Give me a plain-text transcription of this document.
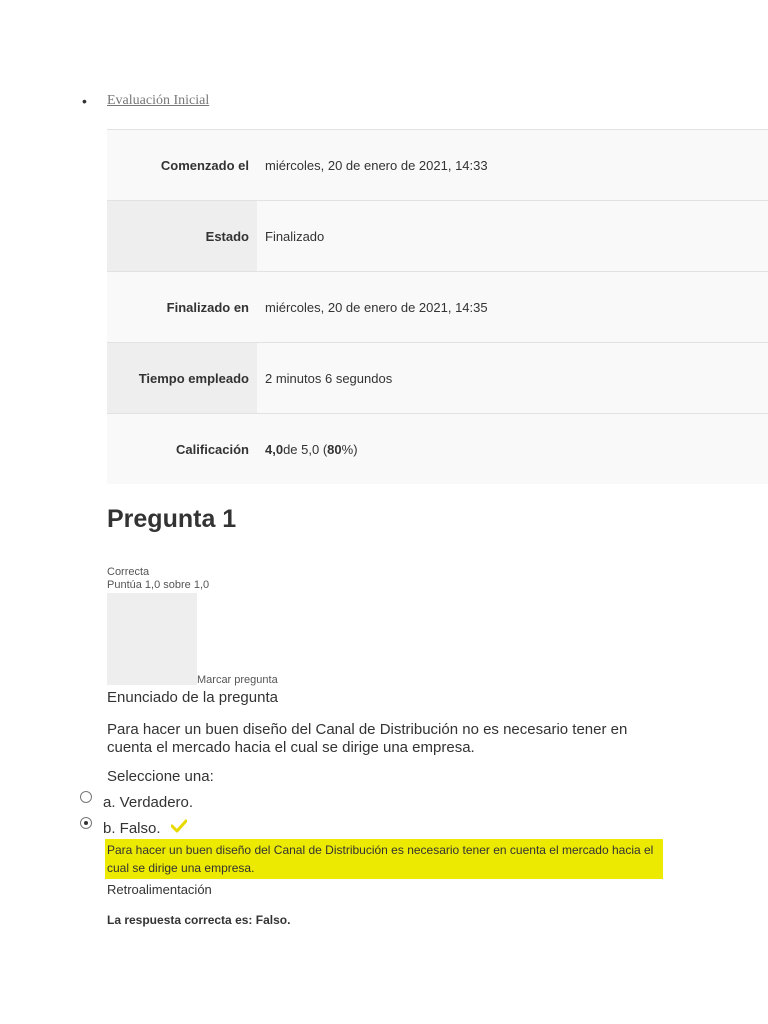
• Evaluación Inicial
Comenzado el	miércoles, 20 de enero de 2021, 14:33
Estado	Finalizado
Finalizado en	miércoles, 20 de enero de 2021, 14:35
Tiempo empleado	2 minutos 6 segundos
Calificación	4,0 de 5,0 ( 80 %)
Pregunta 1
Correcta
Puntúa 1,0 sobre 1,0
Marcar pregunta
Enunciado de la pregunta
Para hacer un buen diseño del Canal de Distribución no es necesario tener en cuenta el mercado hacia el cual se dirige una empresa.
Seleccione una:
a. Verdadero.
b. Falso.
Para hacer un buen diseño del Canal de Distribución es necesario tener en cuenta el mercado hacia el cual se dirige una empresa.
Retroalimentación
La respuesta correcta es: Falso.
